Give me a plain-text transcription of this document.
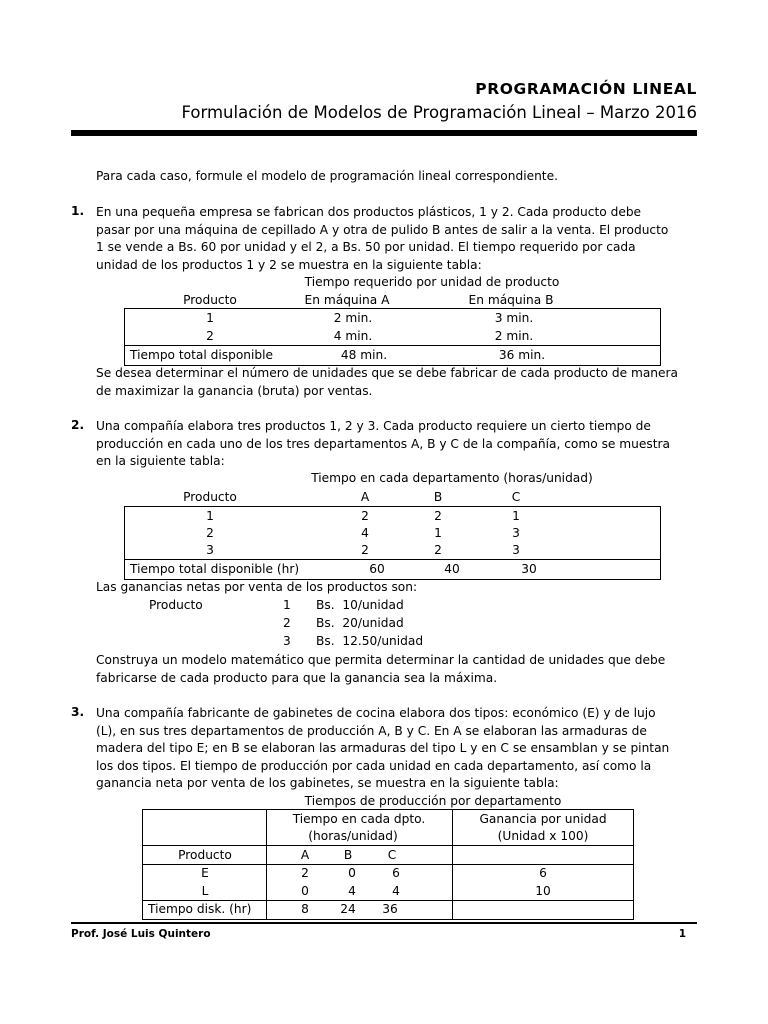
PROGRAMACIÓN LINEAL
Formulación de Modelos de Programación Lineal – Marzo 2016
Para cada caso, formule el modelo de programación lineal correspondiente.
1. En una pequeña empresa se fabrican dos productos plásticos, 1 y 2. Cada producto debe
pasar por una máquina de cepillado A y otra de pulido B antes de salir a la venta. El producto
1 se vende a Bs. 60 por unidad y el 2, a Bs. 50 por unidad. El tiempo requerido por cada
unidad de los productos 1 y 2 se muestra en la siguiente tabla:
Tiempo requerido por unidad de producto
Producto	En máquina A	En máquina B
1	2 min.	3 min.
2	4 min.	2 min.
Tiempo total disponible	48 min.	36 min.
Se desea determinar el número de unidades que se debe fabricar de cada producto de manera
de maximizar la ganancia (bruta) por ventas.
2. Una compañía elabora tres productos 1, 2 y 3. Cada producto requiere un cierto tiempo de
producción en cada uno de los tres departamentos A, B y C de la compañía, como se muestra
en la siguiente tabla:
Tiempo en cada departamento (horas/unidad)
Producto	A	B	C
1	2	2	1
2	4	1	3
3	2	2	3
Tiempo total disponible (hr)	60	40	30
Las ganancias netas por venta de los productos son:
Producto	1 Bs.  10/unidad
2 Bs.  20/unidad
3 Bs.  12.50/unidad
Construya un modelo matemático que permita determinar la cantidad de unidades que debe
fabricarse de cada producto para que la ganancia sea la máxima.
3. Una compañía fabricante de gabinetes de cocina elabora dos tipos: económico (E) y de lujo
(L), en sus tres departamentos de producción A, B y C. En A se elaboran las armaduras de
madera del tipo E; en B se elaboran las armaduras del tipo L y en C se ensamblan y se pintan
los dos tipos. El tiempo de producción por cada unidad en cada departamento, así como la
ganancia neta por venta de los gabinetes, se muestra en la siguiente tabla:
Tiempos de producción por departamento
Tiempo en cada dpto.
(horas/unidad)
Ganancia por unidad
(Unidad x 100)
Producto	A	B	C
E	2	0	6	6
L	0	4	4	10
Tiempo disk. (hr)	8	24 36
Prof. José Luis Quintero	1
